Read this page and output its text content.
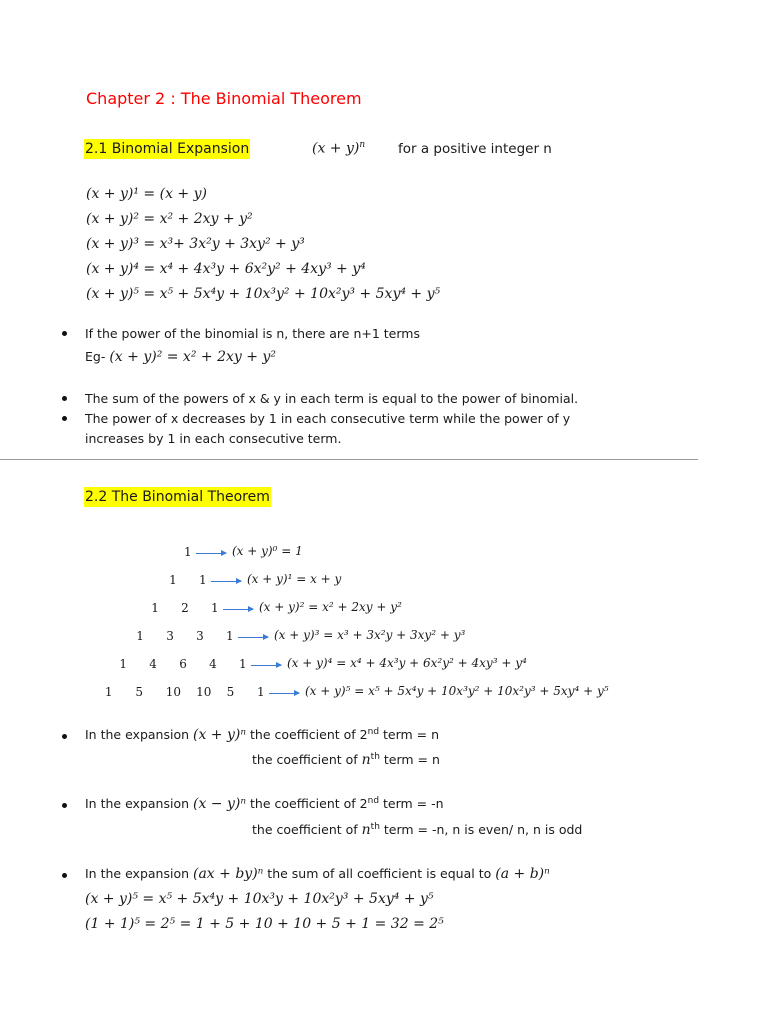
Chapter 2 : The Binomial Theorem
2.1 Binomial Expansion	$(x + y)^n$ for a positive integer n
(x + y)¹ = (x + y)
(x + y)² = x² + 2xy + y²
(x + y)³ = x³+ 3x²y + 3xy² + y³
(x + y)⁴ = x⁴ + 4x³y + 6x²y² + 4xy³ + y⁴
(x + y)⁵ = x⁵ + 5x⁴y + 10x³y² + 10x²y³ + 5xy⁴ + y⁵
If the power of the binomial is n, there are n+1 terms
Eg- (x + y)² = x² + 2xy + y²
The sum of the powers of x & y in each term is equal to the power of binomial.
The power of x decreases by 1 in each consecutive term while the power of y
increases by 1 in each consecutive term.
2.2 The Binomial Theorem
1	(x + y)⁰ = 1
1 1	(x + y)¹ = x + y
1 2 1	(x + y)² = x² + 2xy + y²
1 3 3 1	(x + y)³ = x³ + 3x²y + 3xy² + y³
1 4 6 4 1	(x + y)⁴ = x⁴ + 4x³y + 6x²y² + 4xy³ + y⁴
1 5 10 10 5 1	(x + y)⁵ = x⁵ + 5x⁴y + 10x³y² + 10x²y³ + 5xy⁴ + y⁵
In the expansion (x + y)ⁿ the coefficient of 2nd term = n
the coefficient of $n^{th}$ term = n
In the expansion (x − y)ⁿ the coefficient of 2nd term = -n
the coefficient of $n^{th}$ term = -n, n is even/ n, n is odd
In the expansion (ax + by)ⁿ the sum of all coefficient is equal to (a + b)ⁿ
(x + y)⁵ = x⁵ + 5x⁴y + 10x³y + 10x²y³ + 5xy⁴ + y⁵
(1 + 1)⁵ = 2⁵ = 1 + 5 + 10 + 10 + 5 + 1 = 32 = 2⁵
